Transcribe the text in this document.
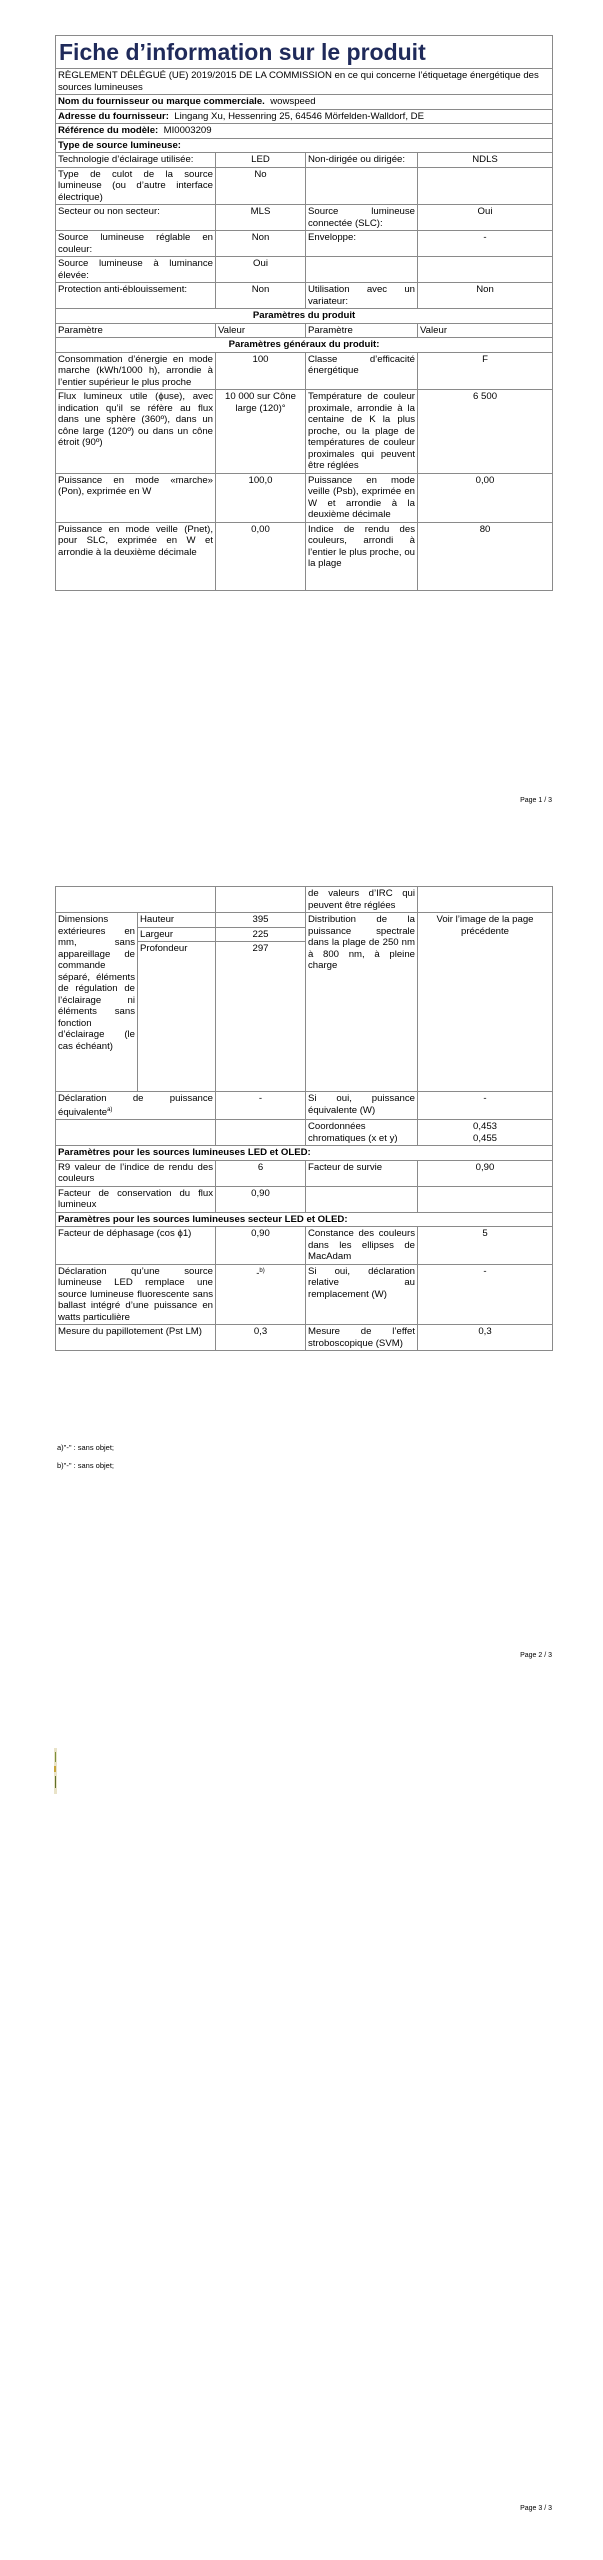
Fiche d’information sur le produit			
RÈGLEMENT DÉLÉGUÉ (UE) 2019/2015 DE LA COMMISSION en ce qui concerne l’étiquetage énergétique des sources lumineuses			
Nom du fournisseur ou marque commerciale. wowspeed			
Adresse du fournisseur: Lingang Xu, Hessenring 25, 64546 Mörfelden-Walldorf, DE			
Référence du modèle: MI0003209			
Type de source lumineuse:			
Technologie d’éclairage utilisée:	LED	Non-dirigée ou dirigée:	NDLS
Type de culot de la source lumineuse (ou d’autre interface électrique)	No		
Secteur ou non secteur:	MLS	Source lumineuse connectée (SLC):	Oui
Source lumineuse réglable en couleur:	Non	Enveloppe:	-
Source lumineuse à luminance élevée:	Oui		
Protection anti-éblouissement:	Non	Utilisation avec un variateur:	Non
Paramètres du produit			
Paramètre	Valeur	Paramètre	Valeur
Paramètres généraux du produit:			
Consommation d’énergie en mode marche (kWh/1000 h), arrondie à l’entier supérieur le plus proche	100	Classe d’efficacité énergétique	F
Flux lumineux utile (ϕuse), avec indication qu’il se réfère au flux dans une sphère (360º), dans un cône large (120º) ou dans un cône étroit (90º)	10 000 sur Cône large (120)°	Température de couleur proximale, arrondie à la centaine de K la plus proche, ou la plage de températures de couleur proximales qui peuvent être réglées	6 500
Puissance en mode «marche» (Pon), exprimée en W	100,0	Puissance en mode veille (Psb), exprimée en W et arrondie à la deuxième décimale	0,00
Puissance en mode veille (Pnet), pour SLC, exprimée en W et arrondie à la deuxième décimale	0,00	Indice de rendu des couleurs, arrondi à l’entier le plus proche, ou la plage	80
Page 1 / 3
			de valeurs d’IRC qui peuvent être réglées	
Dimensions extérieures en mm, sans appareillage de commande séparé, éléments de régulation de l’éclairage ni éléments sans fonction d’éclairage (le cas échéant)	Hauteur	395	Distribution de la puissance spectrale dans la plage de 250 nm à 800 nm, à pleine charge	Voir l’image de la page précédente
	Largeur	225		
	Profondeur	297		
Déclaration de puissance équivalente$^{a)}$		-	Si oui, puissance équivalente (W)	-
			Coordonnées chromatiques (x et y)	0,453
0,455

Paramètres pour les sources lumineuses LED et OLED:				
R9 valeur de l’indice de rendu des couleurs		6	Facteur de survie	0,90
Facteur de conservation du flux lumineux		0,90		
Paramètres pour les sources lumineuses secteur LED et OLED:				
Facteur de déphasage (cos ϕ1)		0,90	Constance des couleurs dans les ellipses de MacAdam	5
Déclaration qu’une source lumineuse LED remplace une source lumineuse fluorescente sans ballast intégré d’une puissance en watts particulière		-$^{b)}$	Si oui, déclaration relative au remplacement (W)	-
Mesure du papillotement (Pst LM)		0,3	Mesure de l’effet stroboscopique (SVM)	0,3
a)"-" : sans objet;
b)"-" : sans objet;
Page 2 / 3
Page 3 / 3
